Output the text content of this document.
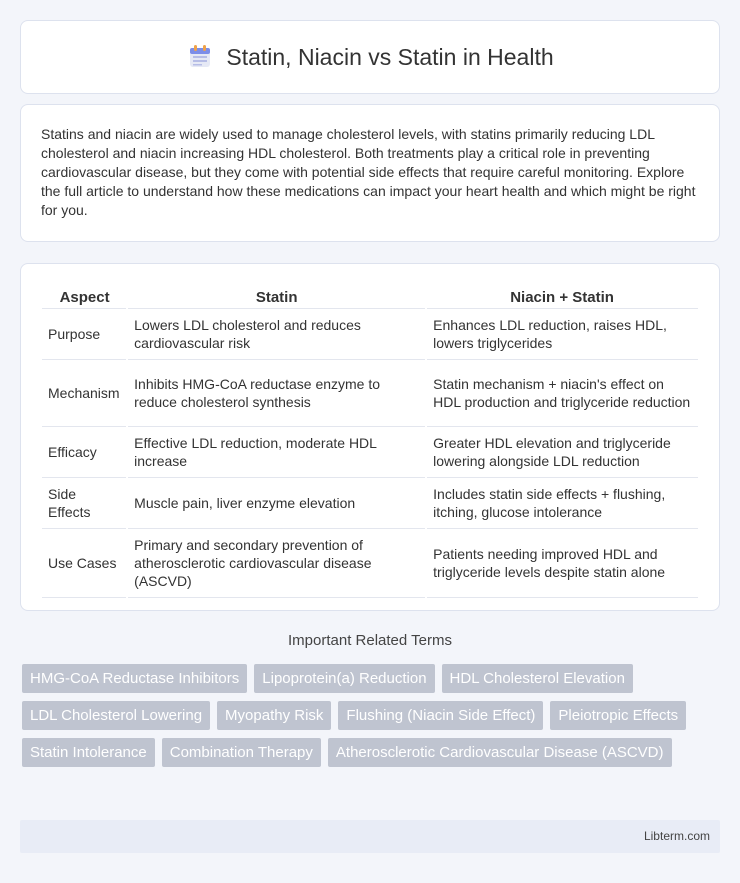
Statin, Niacin vs Statin in Health

Statins and niacin are widely used to manage cholesterol levels, with statins primarily reducing LDL cholesterol and niacin increasing HDL cholesterol. Both treatments play a critical role in preventing cardiovascular disease, but they come with potential side effects that require careful monitoring. Explore the full article to understand how these medications can impact your heart health and which might be right for you.

Aspect	Statin	Niacin + Statin
Purpose	Lowers LDL cholesterol and reduces cardiovascular risk	Enhances LDL reduction, raises HDL, lowers triglycerides
Mechanism	Inhibits HMG-CoA reductase enzyme to reduce cholesterol synthesis	Statin mechanism + niacin's effect on HDL production and triglyceride reduction
Efficacy	Effective LDL reduction, moderate HDL increase	Greater HDL elevation and triglyceride lowering alongside LDL reduction
Side Effects	Muscle pain, liver enzyme elevation	Includes statin side effects + flushing, itching, glucose intolerance
Use Cases	Primary and secondary prevention of atherosclerotic cardiovascular disease (ASCVD)	Patients needing improved HDL and triglyceride levels despite statin alone
Important Related Terms
HMG-CoA Reductase Inhibitors	Lipoprotein(a) Reduction	HDL Cholesterol Elevation
LDL Cholesterol Lowering	Myopathy Risk	Flushing (Niacin Side Effect)	Pleiotropic Effects
Statin Intolerance	Combination Therapy	Atherosclerotic Cardiovascular Disease (ASCVD)
Libterm.com
